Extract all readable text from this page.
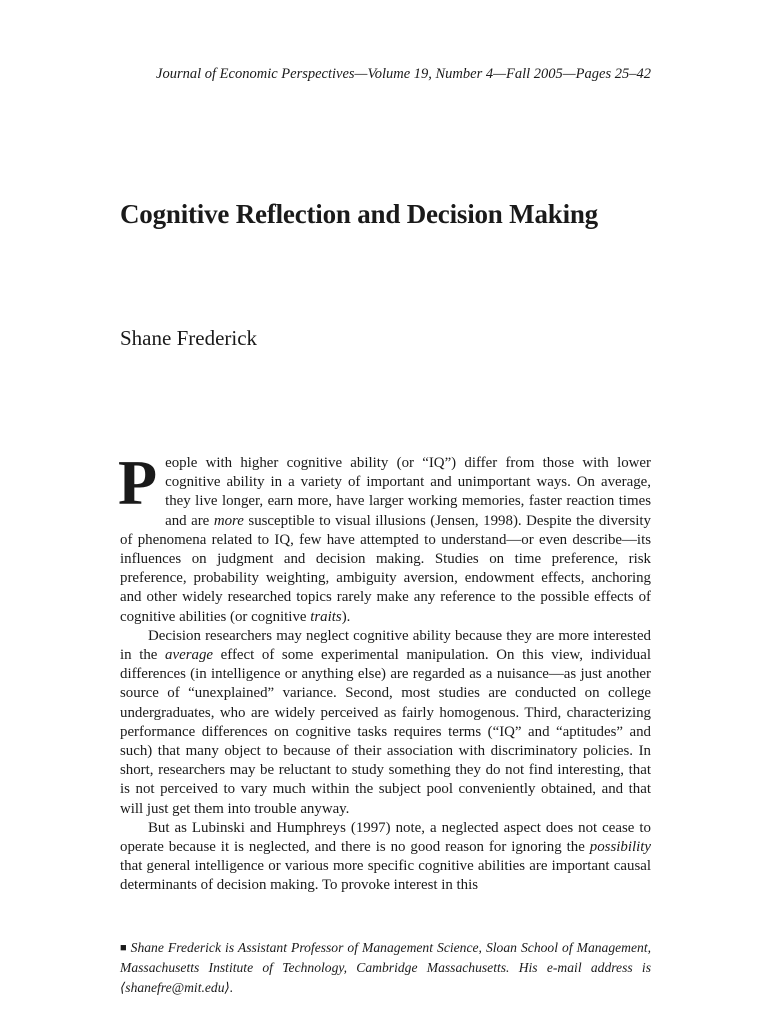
Journal of Economic Perspectives—Volume 19, Number 4—Fall 2005—Pages 25–42
Cognitive Reflection and Decision Making
Shane Frederick

People with higher cognitive ability (or “IQ”) differ from those with lower cognitive ability in a variety of important and unimportant ways. On average, they live longer, earn more, have larger working memories, faster reaction times and are more susceptible to visual illusions (Jensen, 1998). Despite the diversity of phenomena related to IQ, few have attempted to understand—or even describe—its influences on judgment and decision making. Studies on time preference, risk preference, probability weighting, ambiguity aversion, endowment effects, anchoring and other widely researched topics rarely make any reference to the possible effects of cognitive abilities (or cognitive traits).

Decision researchers may neglect cognitive ability because they are more interested in the average effect of some experimental manipulation. On this view, individual differences (in intelligence or anything else) are regarded as a nuisance—as just another source of “unexplained” variance. Second, most studies are conducted on college undergraduates, who are widely perceived as fairly homogenous. Third, characterizing performance differences on cognitive tasks requires terms (“IQ” and “aptitudes” and such) that many object to because of their association with discriminatory policies. In short, researchers may be reluctant to study something they do not find interesting, that is not perceived to vary much within the subject pool conveniently obtained, and that will just get them into trouble anyway.

But as Lubinski and Humphreys (1997) note, a neglected aspect does not cease to operate because it is neglected, and there is no good reason for ignoring the possibility that general intelligence or various more specific cognitive abilities are important causal determinants of decision making. To provoke interest in this

■ Shane Frederick is Assistant Professor of Management Science, Sloan School of Management, Massachusetts Institute of Technology, Cambridge Massachusetts. His e-mail address is ⟨shanefre@mit.edu⟩.
